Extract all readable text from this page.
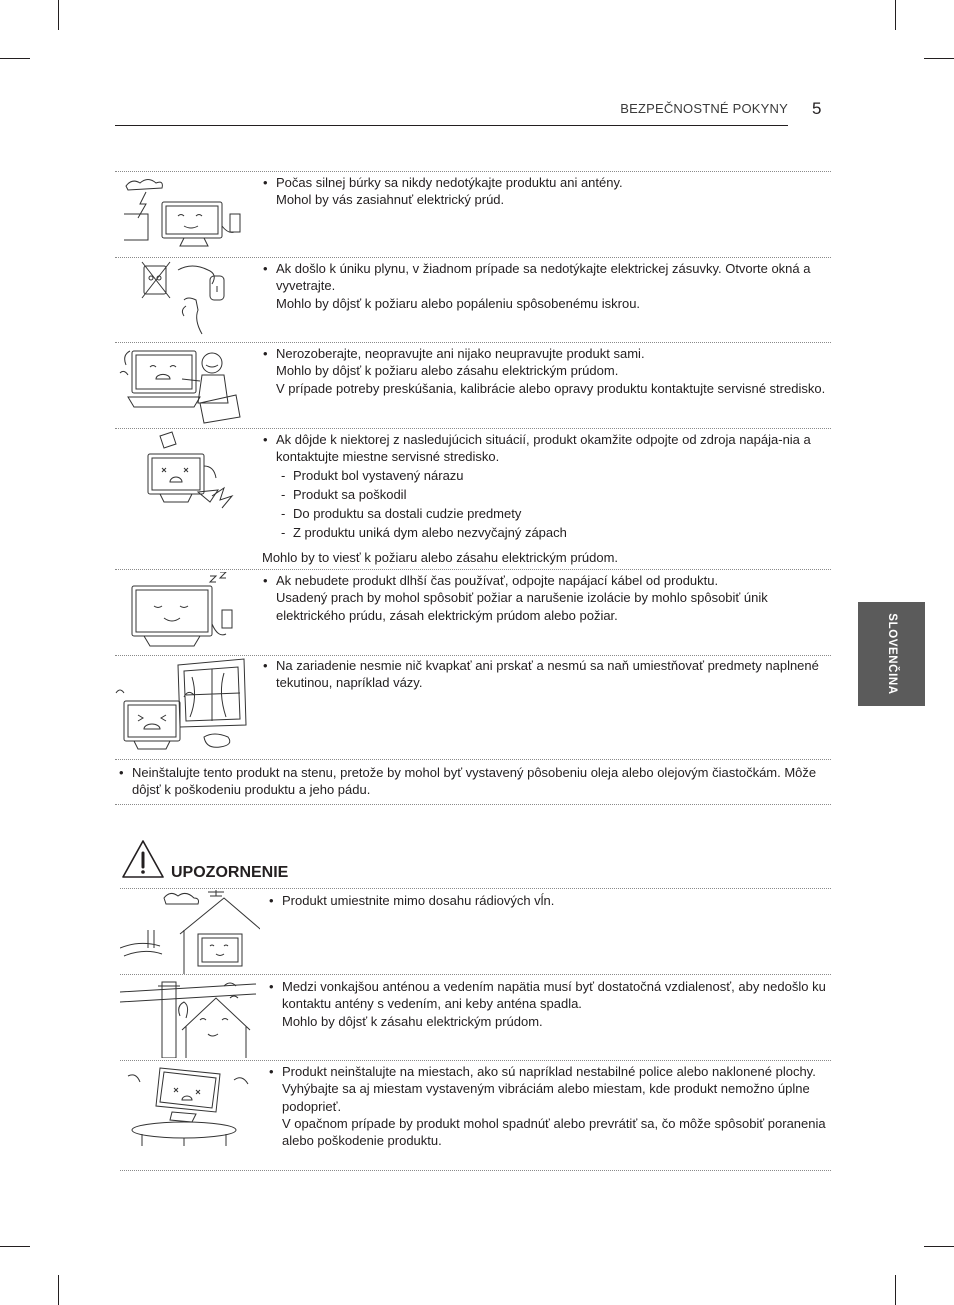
BEZPEČNOSTNÉ POKYNY 5
SLOVENČINA
• Počas silnej búrky sa nikdy nedotýkajte produktu ani antény.
Mohol by vás zasiahnuť elektrický prúd.
• Ak došlo k úniku plynu, v žiadnom prípade sa nedotýkajte elektrickej zásuvky. Otvorte okná a vyvetrajte.
Mohlo by dôjsť k požiaru alebo popáleniu spôsobenému iskrou.
• Nerozoberajte, neopravujte ani nijako neupravujte produkt sami.
Mohlo by dôjsť k požiaru alebo zásahu elektrickým prúdom.
V prípade potreby preskúšania, kalibrácie alebo opravy produktu kontaktujte servisné stredisko.
• Ak dôjde k niektorej z nasledujúcich situácií, produkt okamžite odpojte od zdroja napája-nia a kontaktujte miestne servisné stredisko.
- Produkt bol vystavený nárazu
- Produkt sa poškodil
- Do produktu sa dostali cudzie predmety
- Z produktu uniká dym alebo nezvyčajný zápach
Mohlo by to viesť k požiaru alebo zásahu elektrickým prúdom.
• Ak nebudete produkt dlhší čas používať, odpojte napájací kábel od produktu.
Usadený prach by mohol spôsobiť požiar a narušenie izolácie by mohlo spôsobiť únik elektrického prúdu, zásah elektrickým prúdom alebo požiar.
• Na zariadenie nesmie nič kvapkať ani prskať a nesmú sa naň umiestňovať predmety naplnené tekutinou, napríklad vázy.
• Neinštalujte tento produkt na stenu, pretože by mohol byť vystavený pôsobeniu oleja alebo olejovým čiastočkám. Môže dôjsť k poškodeniu produktu a jeho pádu.
UPOZORNENIE
• Produkt umiestnite mimo dosahu rádiových vĺn.
• Medzi vonkajšou anténou a vedením napätia musí byť dostatočná vzdialenosť, aby nedošlo ku kontaktu antény s vedením, ani keby anténa spadla.
Mohlo by dôjsť k zásahu elektrickým prúdom.
• Produkt neinštalujte na miestach, ako sú napríklad nestabilné police alebo naklonené plochy. Vyhýbajte sa aj miestam vystaveným vibráciám alebo miestam, kde produkt nemožno úplne podoprieť.
V opačnom prípade by produkt mohol spadnúť alebo prevrátiť sa, čo môže spôsobiť poranenia alebo poškodenie produktu.
